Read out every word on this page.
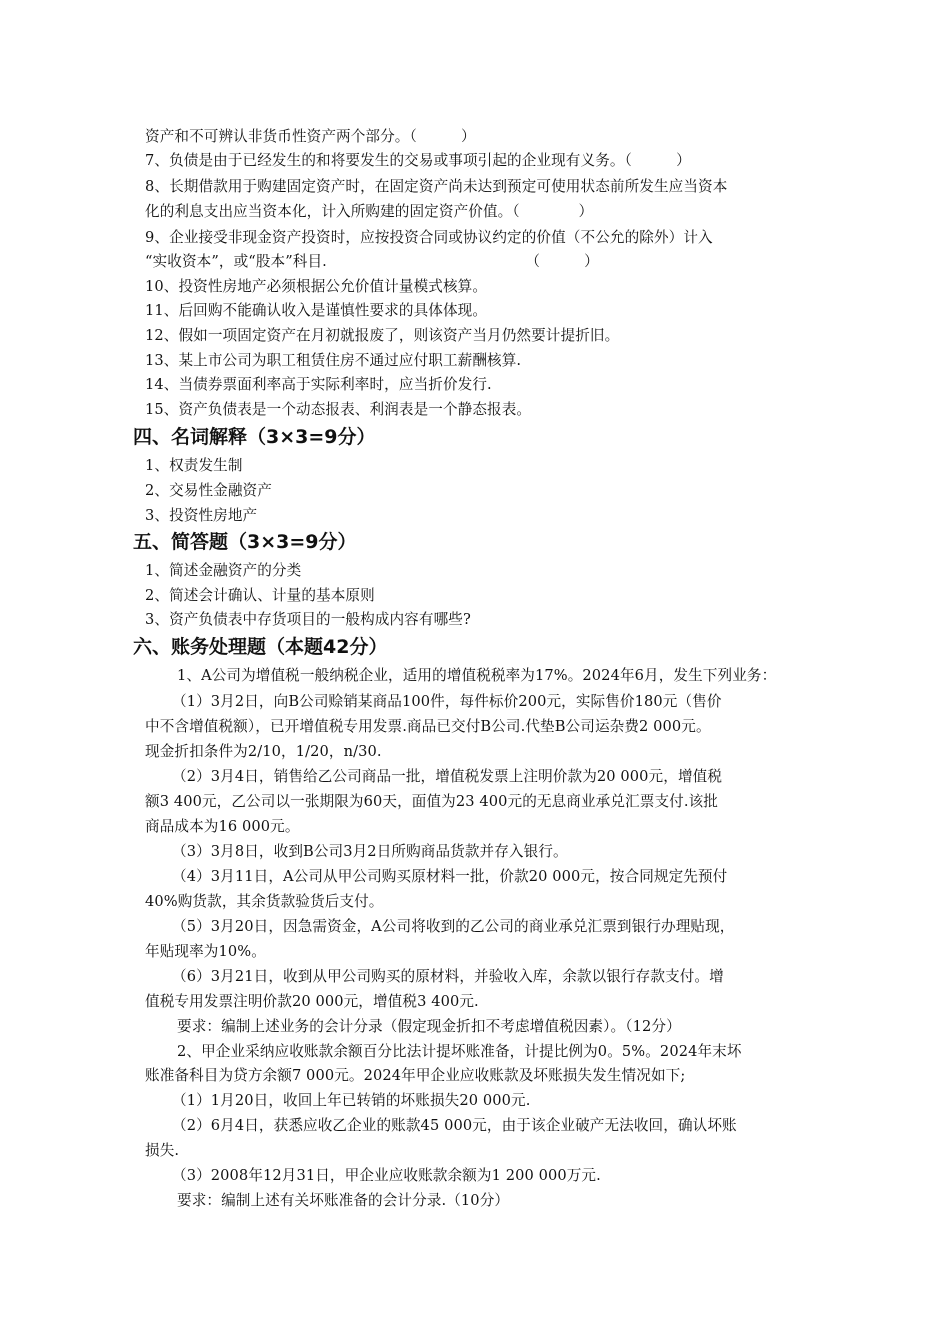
资产和不可辨认非货币性资产两个部分。（　　　）
7、负债是由于已经发生的和将要发生的交易或事项引起的企业现有义务。（　　　）
8、长期借款用于购建固定资产时，在固定资产尚未达到预定可使用状态前所发生应当资本
化的利息支出应当资本化，计入所购建的固定资产价值。（　　　　）
9、企业接受非现金资产投资时，应按投资合同或协议约定的价值（不公允的除外）计入
“实收资本”，或“股本”科目.　　　　　　　　　　　　　　（　　　）
10、投资性房地产必须根据公允价值计量模式核算。
11、后回购不能确认收入是谨慎性要求的具体体现。
12、假如一项固定资产在月初就报废了，则该资产当月仍然要计提折旧。
13、某上市公司为职工租赁住房不通过应付职工薪酬核算.
14、当债券票面利率高于实际利率时，应当折价发行.
15、资产负债表是一个动态报表、利润表是一个静态报表。
四、名词解释（3×3=9分）
1、权责发生制
2、交易性金融资产
3、投资性房地产
五、简答题（3×3=9分）
1、简述金融资产的分类
2、简述会计确认、计量的基本原则
3、资产负债表中存货项目的一般构成内容有哪些?
六、账务处理题（本题42分）
1、A公司为增值税一般纳税企业，适用的增值税税率为17%。2024年6月，发生下列业务：
（1）3月2日，向B公司赊销某商品100件，每件标价200元，实际售价180元（售价
中不含增值税额），已开增值税专用发票.商品已交付B公司.代垫B公司运杂费2 000元。
现金折扣条件为2/10，1/20，n/30.
（2）3月4日，销售给乙公司商品一批，增值税发票上注明价款为20 000元，增值税
额3 400元，乙公司以一张期限为60天，面值为23 400元的无息商业承兑汇票支付.该批
商品成本为16 000元。
（3）3月8日，收到B公司3月2日所购商品货款并存入银行。
（4）3月11日，A公司从甲公司购买原材料一批，价款20 000元，按合同规定先预付
40%购货款，其余货款验货后支付。
（5）3月20日，因急需资金，A公司将收到的乙公司的商业承兑汇票到银行办理贴现，
年贴现率为10%。
（6）3月21日，收到从甲公司购买的原材料，并验收入库，余款以银行存款支付。增
值税专用发票注明价款20 000元，增值税3 400元.
要求：编制上述业务的会计分录（假定现金折扣不考虑增值税因素）。（12分）
2、甲企业采纳应收账款余额百分比法计提坏账准备，计提比例为0。5%。2024年末坏
账准备科目为贷方余额7 000元。2024年甲企业应收账款及坏账损失发生情况如下;
（1）1月20日，收回上年已转销的坏账损失20 000元.
（2）6月4日，获悉应收乙企业的账款45 000元，由于该企业破产无法收回，确认坏账
损失.
（3）2008年12月31日，甲企业应收账款余额为1 200 000万元.
要求：编制上述有关坏账准备的会计分录.（10分）
